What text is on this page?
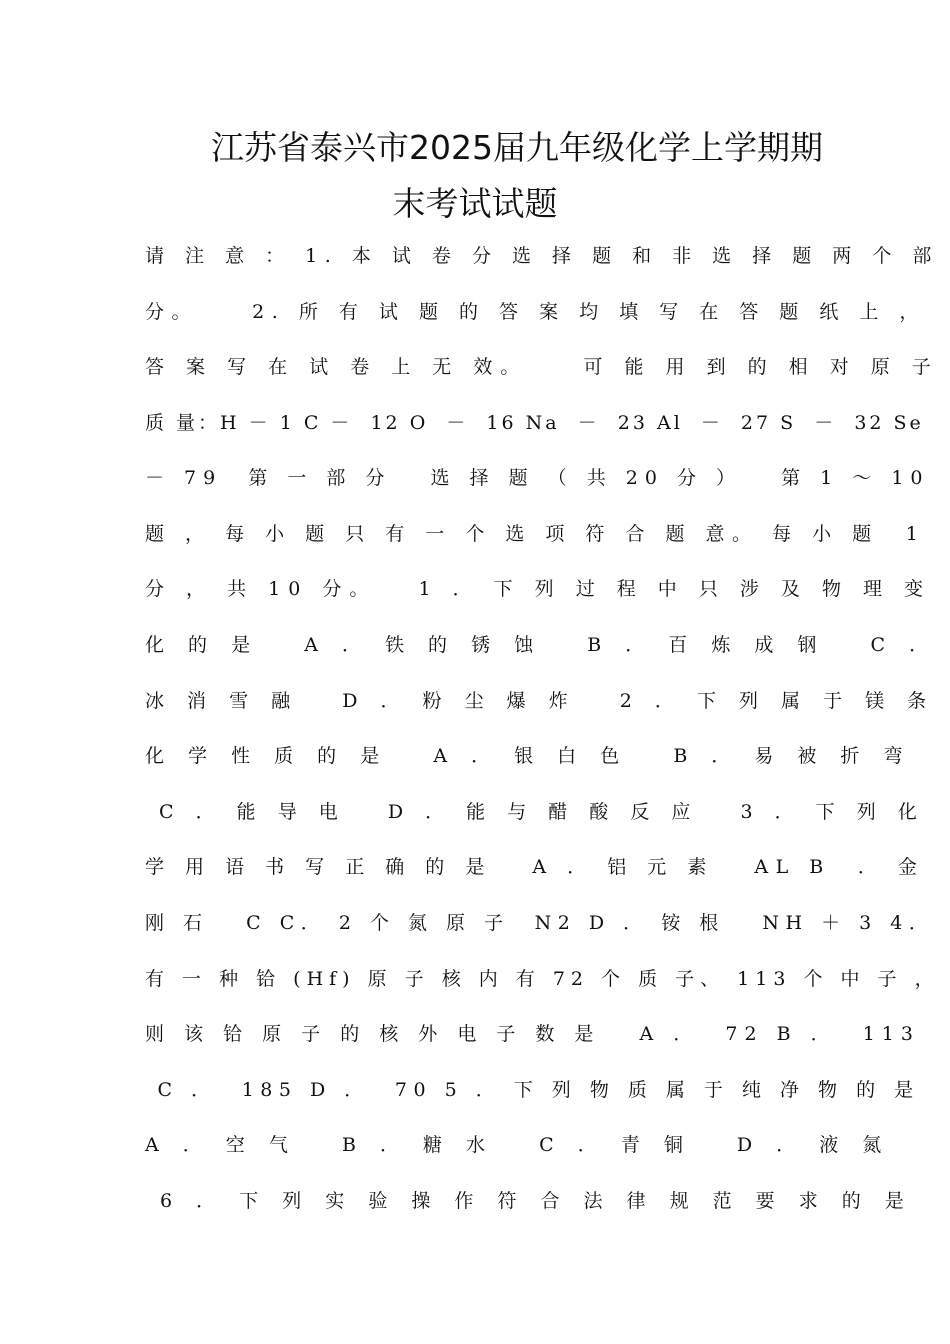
江苏省泰兴市2025届九年级化学上学期期
末考试试题
请 注 意 ： 1. 本 试 卷 分 选 择 题 和 非 选 择 题 两 个 部
分。    2. 所 有 试 题 的 答 案 均 填 写 在 答 题 纸 上 ，
答 案 写 在 试 卷 上 无 效。    可 能 用 到 的 相 对 原 子
质 量：H － 1 C －  12 O  －  16 Na  －  23 Al  －  27 S  －  32 Se
－ 79  第 一 部 分   选 择 题 （ 共 20 分 ）   第 1 ～ 10
题 ， 每 小 题 只 有 一 个 选 项 符 合 题 意。 每 小 题  1
分 ， 共 10 分。   1 ． 下 列 过 程 中 只 涉 及 物 理 变
化 的 是   A ． 铁 的 锈 蚀   B ． 百 炼 成 钢   C ．
冰 消 雪 融   D ． 粉 尘 爆 炸   2 ． 下 列 属 于 镁 条
化 学 性 质 的 是   A ． 银 白 色   B ． 易 被 折 弯
C ． 能 导 电   D ． 能 与 醋 酸 反 应   3 ． 下 列 化
学 用 语 书 写 正 确 的 是   A ． 铝 元 素   AL B  ． 金
刚 石   C C． 2 个 氮 原 子  N2 D ． 铵 根   NH ＋ 3 4．
有 一 种 铪 (Hf) 原 子 核 内 有 72 个 质 子、 113 个 中 子 ，
则 该 铪 原 子 的 核 外 电 子 数 是   A ．  72 B ．  113
C ．  185 D ．  70 5 ． 下 列 物 质 属 于 纯 净 物 的 是
A ． 空 气   B ． 糖 水   C ． 青 铜   D ． 液 氮
6 ． 下 列 实 验 操 作 符 合 法 律 规 范 要 求 的 是
